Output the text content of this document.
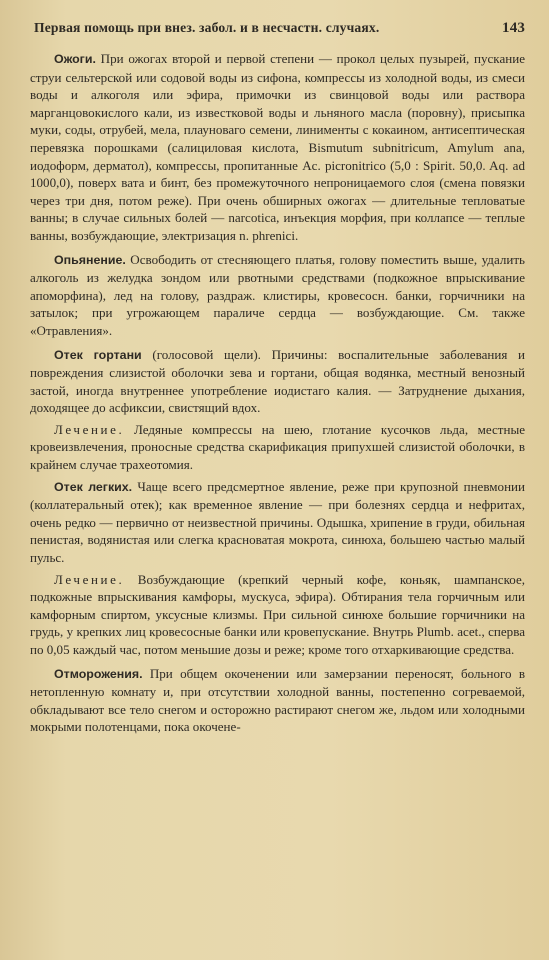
Первая помощь при внез. забол. и в несчастн. случаях.	143

Ожоги. При ожогах второй и первой степени — прокол целых пузырей, пускание струи сельтерской или содовой воды из сифона, компрессы из холодной воды, из смеси воды и алкоголя или эфира, примочки из свинцовой воды или раствора марганцовокислого кали, из известковой воды и льняного масла (поровну), присыпка муки, соды, отрубей, мела, плауноваго семени, линименты с кокаином, антисептическая перевязка порошками (салициловая кислота, Bismutum subnitricum, Amylum ana, иодоформ, дерматол), компрессы, пропитанные Ac. picronitrico (5,0 : Spirit. 50,0. Aq. ad 1000,0), поверх вата и бинт, без промежуточного непроницаемого слоя (смена повязки через три дня, потом реже). При очень обширных ожогах — длительные тепловатые ванны; в случае сильных болей — narcotica, инъекция морфия, при коллапсе — теплые ванны, возбуждающие, электризация n. phrenici.

Опьянение. Освободить от стесняющего платья, голову поместить выше, удалить алкоголь из желудка зондом или рвотными средствами (подкожное впрыскивание апоморфина), лед на голову, раздраж. клистиры, кровесосн. банки, горчичники на затылок; при угрожающем параличе сердца — возбуждающие. См. также «Отравления».

Отек гортани (голосовой щели). Причины: воспалительные заболевания и повреждения слизистой оболочки зева и гортани, общая водянка, местный венозный застой, иногда внутреннее употребление иодистаго калия. — Затруднение дыхания, доходящее до асфиксии, свистящий вдох.

Лечение. Ледяные компрессы на шею, глотание кусочков льда, местные кровеизвлечения, проносные средства скарификация припухшей слизистой оболочки, в крайнем случае трахеотомия.

Отек легких. Чаще всего предсмертное явление, реже при крупозной пневмонии (коллатеральный отек); как временное явление — при болезнях сердца и нефритах, очень редко — первично от неизвестной причины. Одышка, хрипение в груди, обильная пенистая, водянистая или слегка красноватая мокрота, синюха, большею частью малый пульс.

Лечение. Возбуждающие (крепкий черный кофе, коньяк, шампанское, подкожные впрыскивания камфоры, мускуса, эфира). Обтирания тела горчичным или камфорным спиртом, уксусные клизмы. При сильной синюхе большие горчичники на грудь, у крепких лиц кровесосные банки или кровепускание. Внутрь Plumb. acet., сперва по 0,05 каждый час, потом меньшие дозы и реже; кроме того отхаркивающие средства.

Отморожения. При общем окоченении или замерзании переносят, больного в нетопленную комнату и, при отсутствии холодной ванны, постепенно согреваемой, обкладывают все тело снегом и осторожно растирают снегом же, льдом или холодными мокрыми полотенцами, пока окочене-
